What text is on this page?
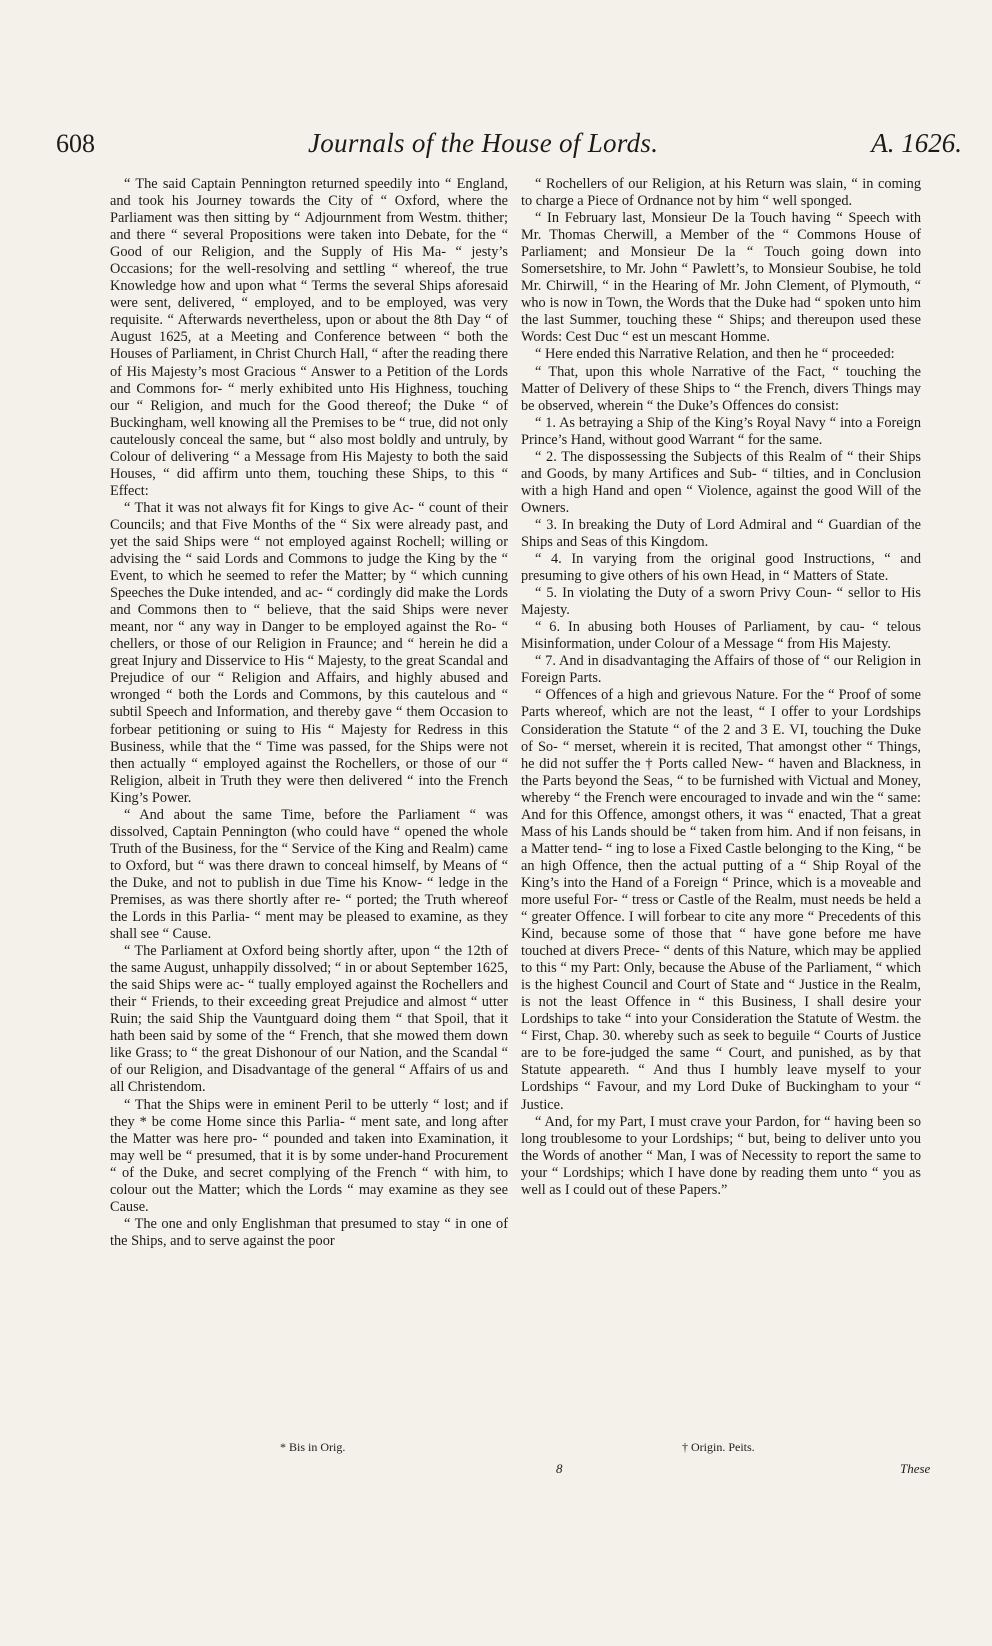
608	Journals of the House of Lords.	A. 1626.

“ The said Captain Pennington returned speedily into “ England, and took his Journey towards the City of “ Oxford, where the Parliament was then sitting by “ Adjournment from Westm. thither; and there “ several Propositions were taken into Debate, for the “ Good of our Religion, and the Supply of His Ma- “ jesty’s Occasions; for the well-resolving and settling “ whereof, the true Knowledge how and upon what “ Terms the several Ships aforesaid were sent, delivered, “ employed, and to be employed, was very requisite. “ Afterwards nevertheless, upon or about the 8th Day “ of August 1625, at a Meeting and Conference between “ both the Houses of Parliament, in Christ Church Hall, “ after the reading there of His Majesty’s most Gracious “ Answer to a Petition of the Lords and Commons for- “ merly exhibited unto His Highness, touching our “ Religion, and much for the Good thereof; the Duke “ of Buckingham, well knowing all the Premises to be “ true, did not only cautelously conceal the same, but “ also most boldly and untruly, by Colour of delivering “ a Message from His Majesty to both the said Houses, “ did affirm unto them, touching these Ships, to this “ Effect:

“ That it was not always fit for Kings to give Ac- “ count of their Councils; and that Five Months of the “ Six were already past, and yet the said Ships were “ not employed against Rochell; willing or advising the “ said Lords and Commons to judge the King by the “ Event, to which he seemed to refer the Matter; by “ which cunning Speeches the Duke intended, and ac- “ cordingly did make the Lords and Commons then to “ believe, that the said Ships were never meant, nor “ any way in Danger to be employed against the Ro- “ chellers, or those of our Religion in Fraunce; and “ herein he did a great Injury and Disservice to His “ Majesty, to the great Scandal and Prejudice of our “ Religion and Affairs, and highly abused and wronged “ both the Lords and Commons, by this cautelous and “ subtil Speech and Information, and thereby gave “ them Occasion to forbear petitioning or suing to His “ Majesty for Redress in this Business, while that the “ Time was passed, for the Ships were not then actually “ employed against the Rochellers, or those of our “ Religion, albeit in Truth they were then delivered “ into the French King’s Power.

“ And about the same Time, before the Parliament “ was dissolved, Captain Pennington (who could have “ opened the whole Truth of the Business, for the “ Service of the King and Realm) came to Oxford, but “ was there drawn to conceal himself, by Means of “ the Duke, and not to publish in due Time his Know- “ ledge in the Premises, as was there shortly after re- “ ported; the Truth whereof the Lords in this Parlia- “ ment may be pleased to examine, as they shall see “ Cause.

“ The Parliament at Oxford being shortly after, upon “ the 12th of the same August, unhappily dissolved; “ in or about September 1625, the said Ships were ac- “ tually employed against the Rochellers and their “ Friends, to their exceeding great Prejudice and almost “ utter Ruin; the said Ship the Vauntguard doing them “ that Spoil, that it hath been said by some of the “ French, that she mowed them down like Grass; to “ the great Dishonour of our Nation, and the Scandal “ of our Religion, and Disadvantage of the general “ Affairs of us and all Christendom.

“ That the Ships were in eminent Peril to be utterly “ lost; and if they * be come Home since this Parlia- “ ment sate, and long after the Matter was here pro- “ pounded and taken into Examination, it may well be “ presumed, that it is by some under-hand Procurement “ of the Duke, and secret complying of the French “ with him, to colour out the Matter; which the Lords “ may examine as they see Cause.

“ The one and only Englishman that presumed to stay “ in one of the Ships, and to serve against the poor

“ Rochellers of our Religion, at his Return was slain, “ in coming to charge a Piece of Ordnance not by him “ well sponged.

“ In February last, Monsieur De la Touch having “ Speech with Mr. Thomas Cherwill, a Member of the “ Commons House of Parliament; and Monsieur De la “ Touch going down into Somersetshire, to Mr. John “ Pawlett’s, to Monsieur Soubise, he told Mr. Chirwill, “ in the Hearing of Mr. John Clement, of Plymouth, “ who is now in Town, the Words that the Duke had “ spoken unto him the last Summer, touching these “ Ships; and thereupon used these Words: Cest Duc “ est un mescant Homme.

“ Here ended this Narrative Relation, and then he “ proceeded:

“ That, upon this whole Narrative of the Fact, “ touching the Matter of Delivery of these Ships to “ the French, divers Things may be observed, wherein “ the Duke’s Offences do consist:

“ 1. As betraying a Ship of the King’s Royal Navy “ into a Foreign Prince’s Hand, without good Warrant “ for the same.

“ 2. The dispossessing the Subjects of this Realm of “ their Ships and Goods, by many Artifices and Sub- “ tilties, and in Conclusion with a high Hand and open “ Violence, against the good Will of the Owners.

“ 3. In breaking the Duty of Lord Admiral and “ Guardian of the Ships and Seas of this Kingdom.

“ 4. In varying from the original good Instructions, “ and presuming to give others of his own Head, in “ Matters of State.

“ 5. In violating the Duty of a sworn Privy Coun- “ sellor to His Majesty.

“ 6. In abusing both Houses of Parliament, by cau- “ telous Misinformation, under Colour of a Message “ from His Majesty.

“ 7. And in disadvantaging the Affairs of those of “ our Religion in Foreign Parts.

“ Offences of a high and grievous Nature. For the “ Proof of some Parts whereof, which are not the least, “ I offer to your Lordships Consideration the Statute “ of the 2 and 3 E. VI, touching the Duke of So- “ merset, wherein it is recited, That amongst other “ Things, he did not suffer the † Ports called New- “ haven and Blackness, in the Parts beyond the Seas, “ to be furnished with Victual and Money, whereby “ the French were encouraged to invade and win the “ same: And for this Offence, amongst others, it was “ enacted, That a great Mass of his Lands should be “ taken from him. And if non feisans, in a Matter tend- “ ing to lose a Fixed Castle belonging to the King, “ be an high Offence, then the actual putting of a “ Ship Royal of the King’s into the Hand of a Foreign “ Prince, which is a moveable and more useful For- “ tress or Castle of the Realm, must needs be held a “ greater Offence. I will forbear to cite any more “ Precedents of this Kind, because some of those that “ have gone before me have touched at divers Prece- “ dents of this Nature, which may be applied to this “ my Part: Only, because the Abuse of the Parliament, “ which is the highest Council and Court of State and “ Justice in the Realm, is not the least Offence in “ this Business, I shall desire your Lordships to take “ into your Consideration the Statute of Westm. the “ First, Chap. 30. whereby such as seek to beguile “ Courts of Justice are to be fore-judged the same “ Court, and punished, as by that Statute appeareth. “ And thus I humbly leave myself to your Lordships “ Favour, and my Lord Duke of Buckingham to your “ Justice.

“ And, for my Part, I must crave your Pardon, for “ having been so long troublesome to your Lordships; “ but, being to deliver unto you the Words of another “ Man, I was of Necessity to report the same to your “ Lordships; which I have done by reading them unto “ you as well as I could out of these Papers.”

* Bis in Orig.	† Origin. Peits.
8	These
